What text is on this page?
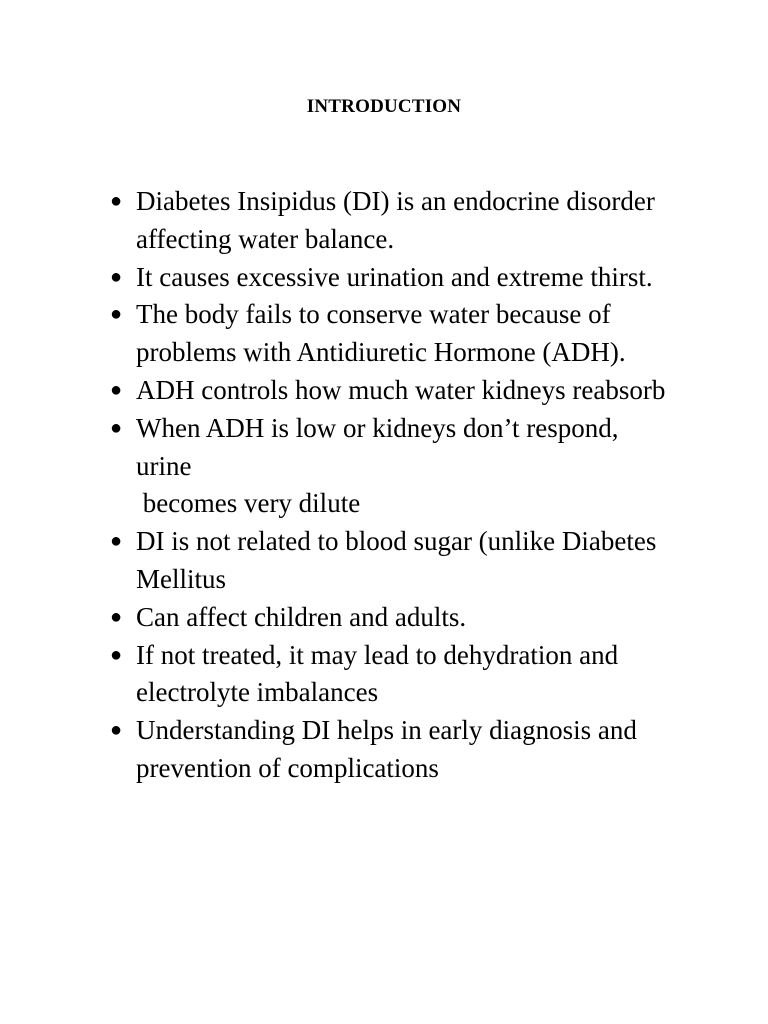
INTRODUCTION
● Diabetes Insipidus (DI) is an endocrine disorder
affecting water balance.
● It causes excessive urination and extreme thirst.
● The body fails to conserve water because of
problems with Antidiuretic Hormone (ADH).
● ADH controls how much water kidneys reabsorb
● When ADH is low or kidneys don’t respond,
urine
becomes very dilute
● DI is not related to blood sugar (unlike Diabetes
Mellitus
● Can affect children and adults.
● If not treated, it may lead to dehydration and
electrolyte imbalances
● Understanding DI helps in early diagnosis and
prevention of complications
